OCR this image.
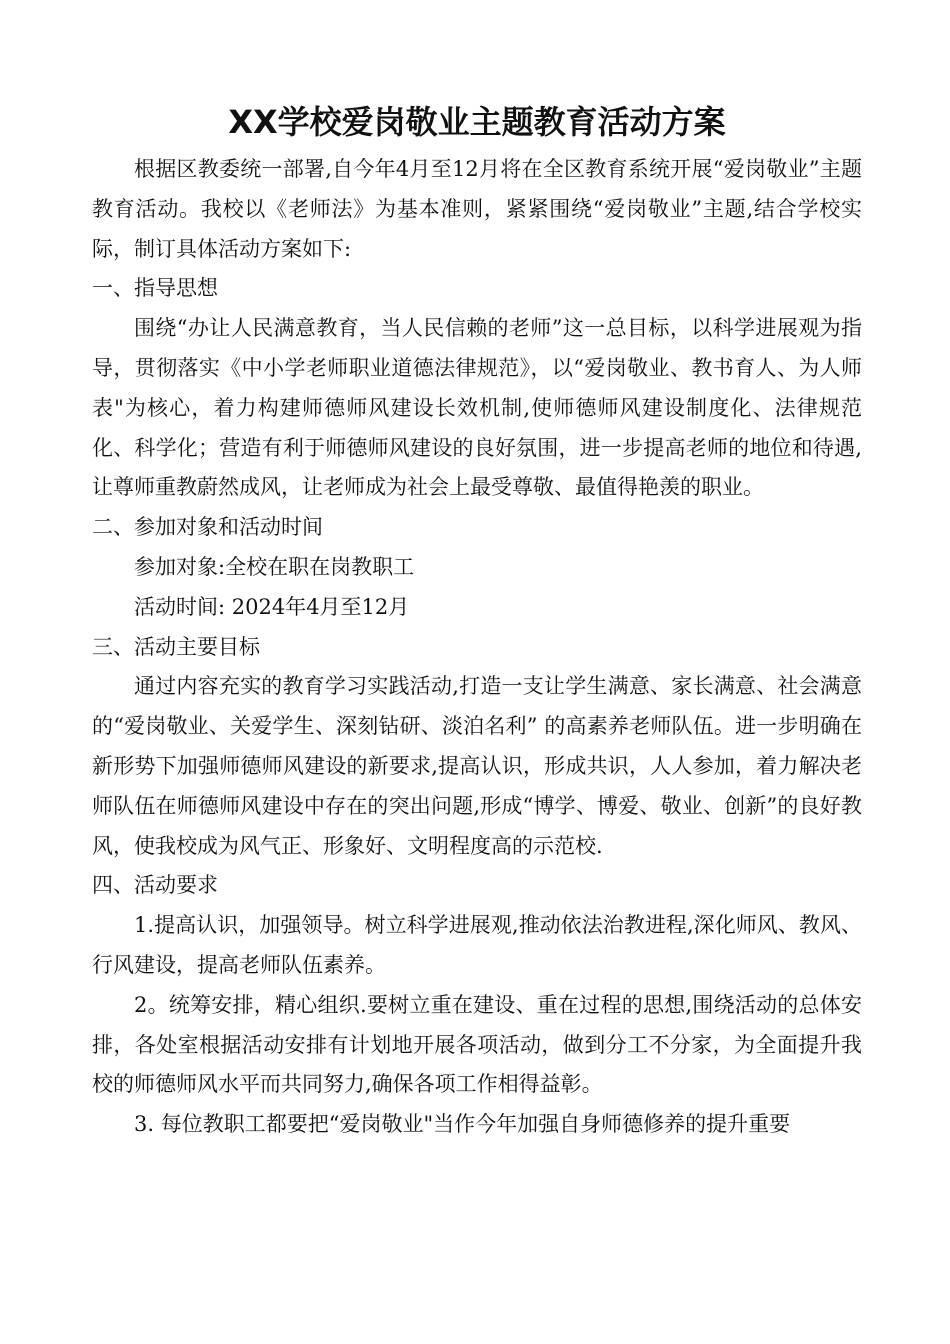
XX学校爱岗敬业主题教育活动方案

根据区教委统一部署,自今年4月至12月将在全区教育系统开展“爱岗敬业”主题教育活动。我校以《老师法》为基本准则，紧紧围绕“爱岗敬业”主题,结合学校实际，制订具体活动方案如下:

一、指导思想

围绕“办让人民满意教育，当人民信赖的老师”这一总目标，以科学进展观为指导，贯彻落实《中小学老师职业道德法律规范》，以“爱岗敬业、教书育人、为人师表"为核心，着力构建师德师风建设长效机制,使师德师风建设制度化、法律规范化、科学化；营造有利于师德师风建设的良好氛围，进一步提高老师的地位和待遇,让尊师重教蔚然成风，让老师成为社会上最受尊敬、最值得艳羡的职业。

二、参加对象和活动时间

参加对象:全校在职在岗教职工

活动时间: 2024年4月至12月

三、活动主要目标

通过内容充实的教育学习实践活动,打造一支让学生满意、家长满意、社会满意的“爱岗敬业、关爱学生、深刻钻研、淡泊名利” 的高素养老师队伍。进一步明确在新形势下加强师德师风建设的新要求,提高认识，形成共识，人人参加，着力解决老师队伍在师德师风建设中存在的突出问题,形成“博学、博爱、敬业、创新”的良好教风，使我校成为风气正、形象好、文明程度高的示范校.

四、活动要求

1.提高认识，加强领导。树立科学进展观,推动依法治教进程,深化师风、教风、行风建设，提高老师队伍素养。

2。统筹安排，精心组织.要树立重在建设、重在过程的思想,围绕活动的总体安排，各处室根据活动安排有计划地开展各项活动，做到分工不分家，为全面提升我校的师德师风水平而共同努力,确保各项工作相得益彰。

3. 每位教职工都要把“爱岗敬业"当作今年加强自身师德修养的提升重要
